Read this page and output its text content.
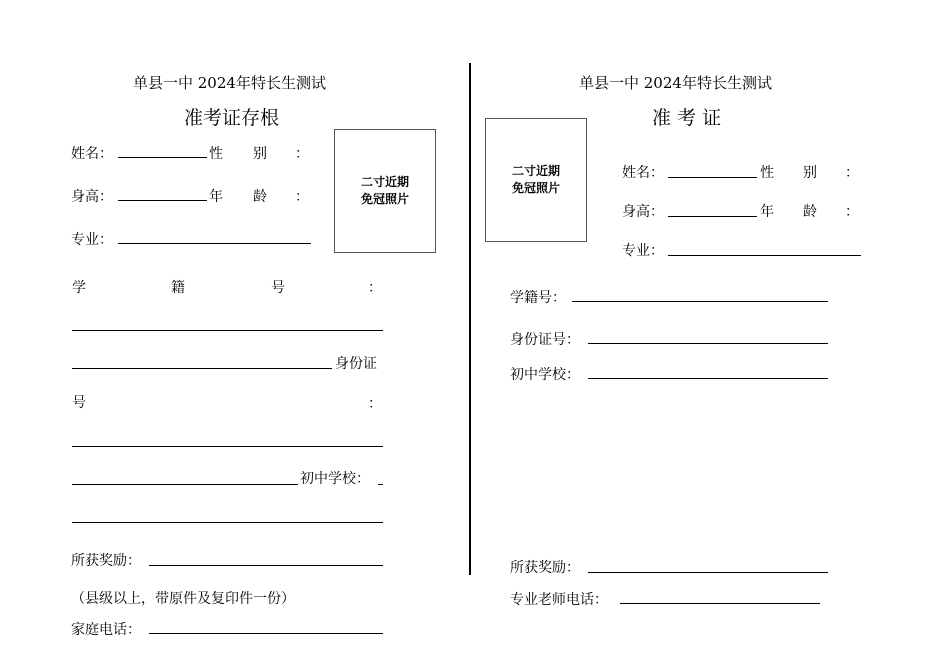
单县一中 2024年特长生测试
准考证存根
姓名：	性 别 ：
身高：	年 龄 ：
专业：
二寸近期
免冠照片
学	籍	号	：
身份证
号	：
初中学校：
所获奖励：
（县级以上，带原件及复印件一份）
家庭电话：
单县一中 2024年特长生测试
准 考 证
二寸近期
免冠照片
姓名：	性 别 ：
身高：	年 龄 ：
专业：
学籍号：
身份证号：
初中学校：
所获奖励：
专业老师电话：
